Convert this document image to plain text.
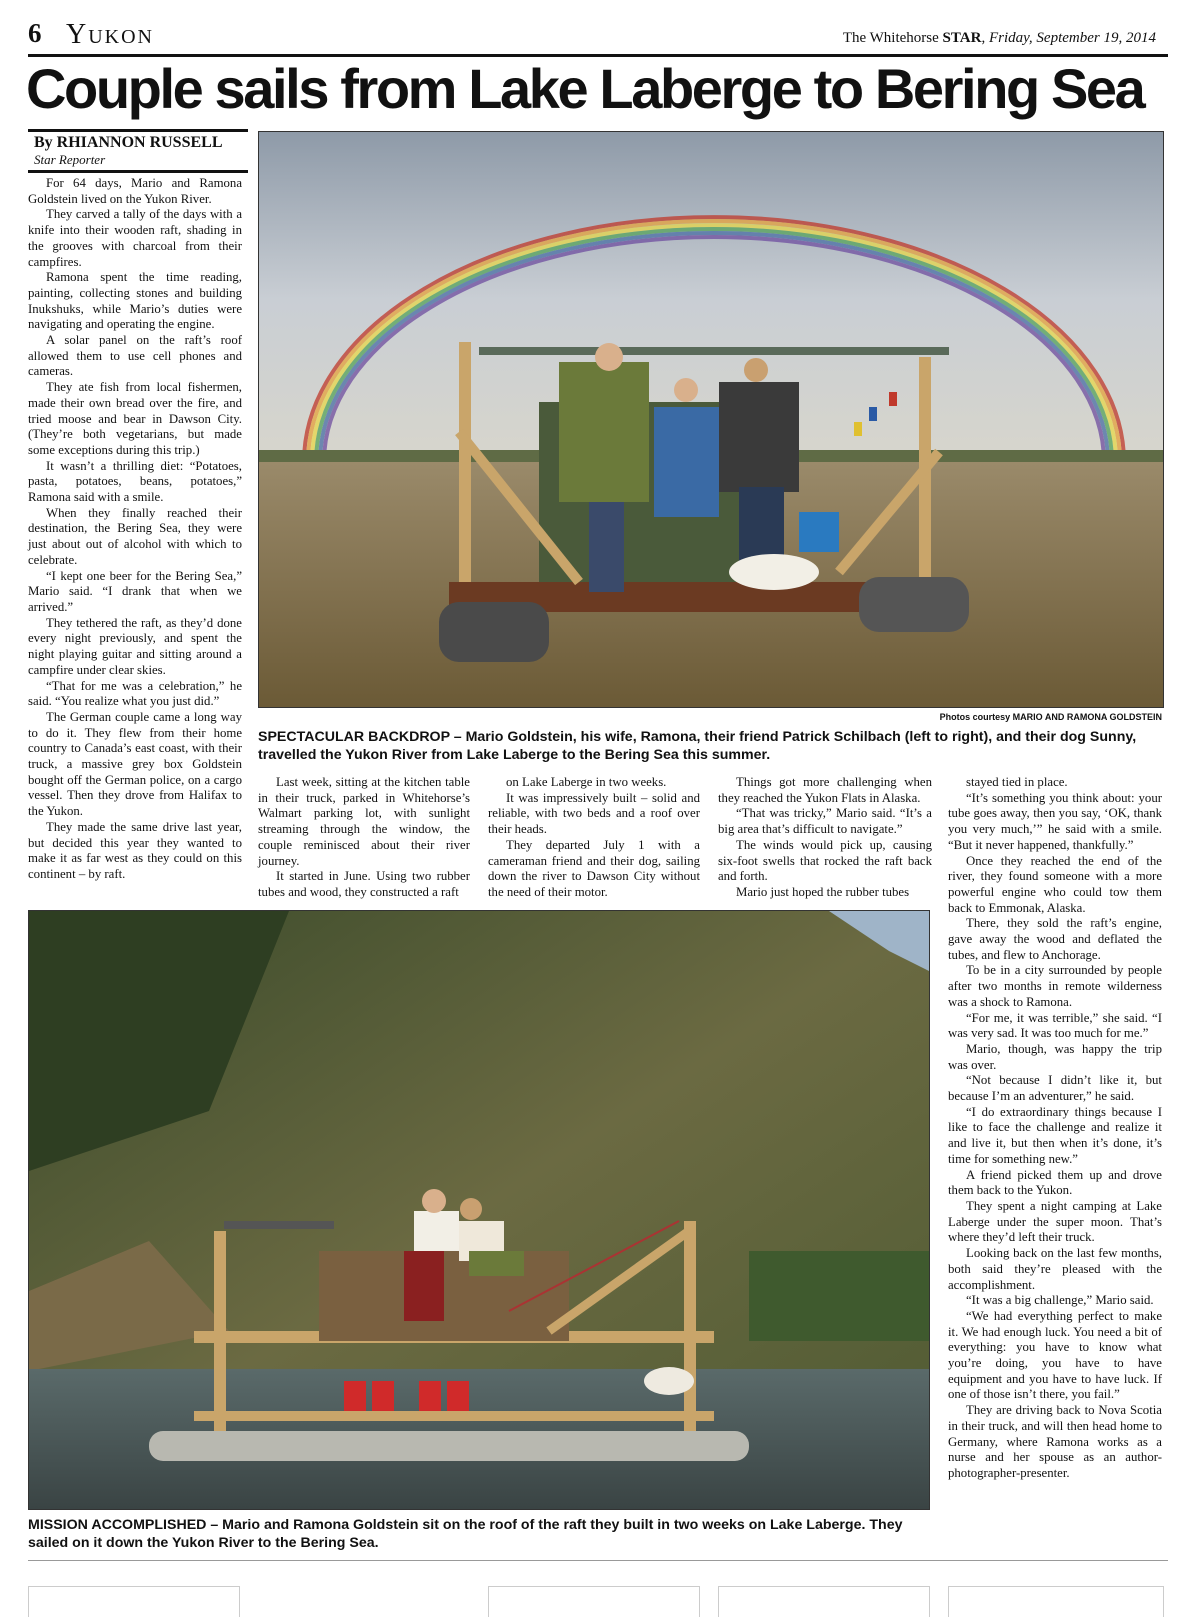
6 Yukon	The Whitehorse STAR, Friday, September 19, 2014
Couple sails from Lake Laberge to Bering Sea
By RHIANNON RUSSELL
Star Reporter

For 64 days, Mario and Ramona Goldstein lived on the Yukon River.

They carved a tally of the days with a knife into their wooden raft, shading in the grooves with charcoal from their campfires.

Ramona spent the time reading, painting, collecting stones and building Inukshuks, while Mario’s duties were navigating and operating the engine.

A solar panel on the raft’s roof allowed them to use cell phones and cameras.

They ate fish from local fishermen, made their own bread over the fire, and tried moose and bear in Dawson City. (They’re both vegetarians, but made some exceptions during this trip.)

It wasn’t a thrilling diet: “Potatoes, pasta, potatoes, beans, potatoes,” Ramona said with a smile.

When they finally reached their destination, the Bering Sea, they were just about out of alcohol with which to celebrate.

“I kept one beer for the Bering Sea,” Mario said. “I drank that when we arrived.”

They tethered the raft, as they’d done every night previously, and spent the night playing guitar and sitting around a campfire under clear skies.

“That for me was a celebration,” he said. “You realize what you just did.”

The German couple came a long way to do it. They flew from their home country to Canada’s east coast, with their truck, a massive grey box Goldstein bought off the German police, on a cargo vessel. Then they drove from Halifax to the Yukon.

They made the same drive last year, but decided this year they wanted to make it as far west as they could on this continent – by raft.

Photos courtesy MARIO AND RAMONA GOLDSTEIN
SPECTACULAR BACKDROP – Mario Goldstein, his wife, Ramona, their friend Patrick Schilbach (left to right), and their dog Sunny, travelled the Yukon River from Lake Laberge to the Bering Sea this summer.

Last week, sitting at the kitchen table in their truck, parked in Whitehorse’s Walmart parking lot, with sunlight streaming through the window, the couple reminisced about their river journey.

It started in June. Using two rubber tubes and wood, they constructed a raft

on Lake Laberge in two weeks.

It was impressively built – solid and reliable, with two beds and a roof over their heads.

They departed July 1 with a cameraman friend and their dog, sailing down the river to Dawson City without the need of their motor.

Things got more challenging when they reached the Yukon Flats in Alaska.

“That was tricky,” Mario said. “It’s a big area that’s difficult to navigate.”

The winds would pick up, causing six-foot swells that rocked the raft back and forth.

Mario just hoped the rubber tubes

stayed tied in place.

“It’s something you think about: your tube goes away, then you say, ‘OK, thank you very much,’” he said with a smile. “But it never happened, thankfully.”

Once they reached the end of the river, they found someone with a more powerful engine who could tow them back to Emmonak, Alaska.

There, they sold the raft’s engine, gave away the wood and deflated the tubes, and flew to Anchorage.

To be in a city surrounded by people after two months in remote wilderness was a shock to Ramona.

“For me, it was terrible,” she said. “I was very sad. It was too much for me.”

Mario, though, was happy the trip was over.

“Not because I didn’t like it, but because I’m an adventurer,” he said.

“I do extraordinary things because I like to face the challenge and realize it and live it, but then when it’s done, it’s time for something new.”

A friend picked them up and drove them back to the Yukon.

They spent a night camping at Lake Laberge under the super moon. That’s where they’d left their truck.

Looking back on the last few months, both said they’re pleased with the accomplishment.

“It was a big challenge,” Mario said.

“We had everything perfect to make it. We had enough luck. You need a bit of everything: you have to know what you’re doing, you have to have equipment and you have to have luck. If one of those isn’t there, you fail.”

They are driving back to Nova Scotia in their truck, and will then head home to Germany, where Ramona works as a nurse and her spouse as an author-photographer-presenter.

MISSION ACCOMPLISHED – Mario and Ramona Goldstein sit on the roof of the raft they built in two weeks on Lake Laberge. They sailed on it down the Yukon River to the Bering Sea.
